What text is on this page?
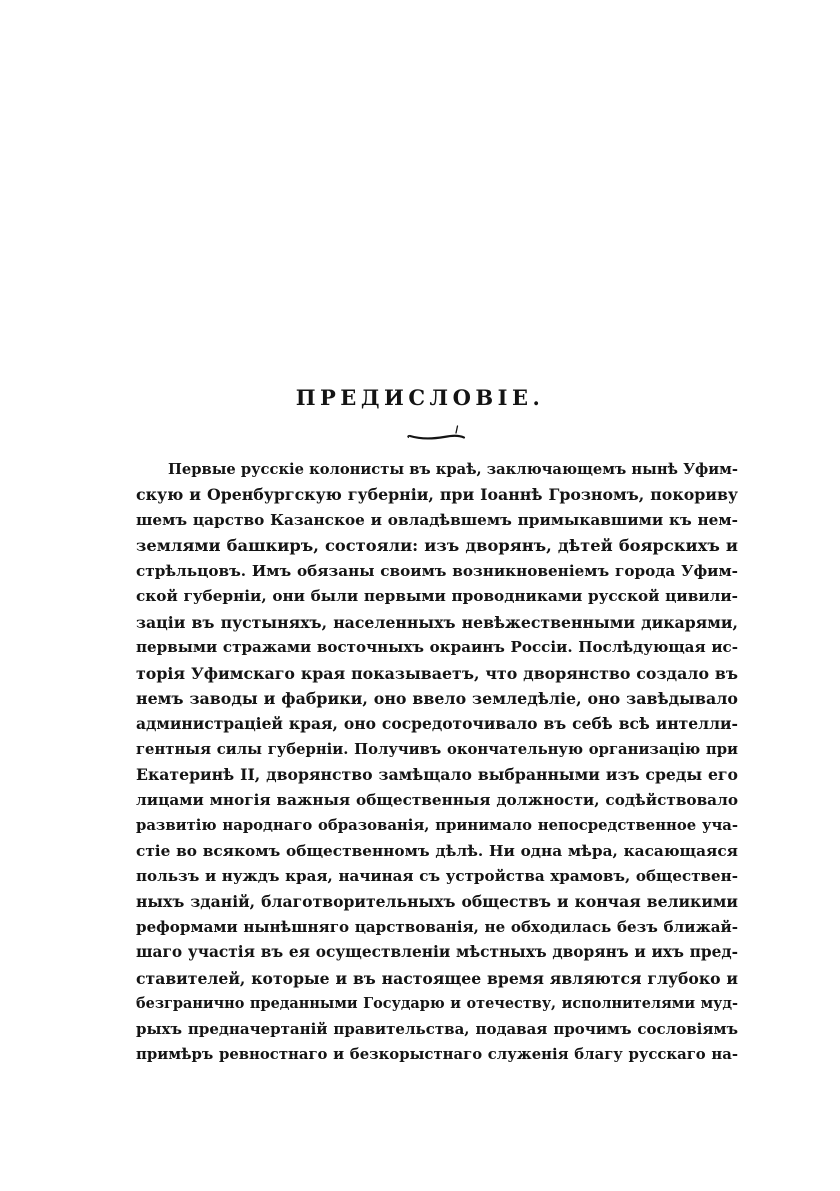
ПРЕДИСЛОВІЕ.
Первые русскіе колонисты въ краѣ, заключающемъ нынѣ Уфим-
скую и Оренбургскую губерніи, при Іоаннѣ Грозномъ, покориву
шемъ царство Казанское и овладѣвшемъ примыкавшими къ нем-
землями башкиръ, состояли: изъ дворянъ, дѣтей боярскихъ и
стрѣльцовъ. Имъ обязаны своимъ возникновеніемъ города Уфим-
ской губерніи, они были первыми проводниками русской цивили-
заціи въ пустыняхъ, населенныхъ невѣжественными дикарями,
первыми стражами восточныхъ окраинъ Россіи. Послѣдующая ис-
торія Уфимскаго края показываетъ, что дворянство создало въ
немъ заводы и фабрики, оно ввело земледѣліе, оно завѣдывало
администраціей края, оно сосредоточивало въ себѣ всѣ интелли-
гентныя силы губерніи. Получивъ окончательную организацію при
Екатеринѣ II, дворянство замѣщало выбранными изъ среды его
лицами многія важныя общественныя должности, содѣйствовало
развитію народнаго образованія, принимало непосредственное уча-
стіе во всякомъ общественномъ дѣлѣ. Ни одна мѣра, касающаяся
пользъ и нуждъ края, начиная съ устройства храмовъ, обществен-
ныхъ зданій, благотворительныхъ обществъ и кончая великими
реформами нынѣшняго царствованія, не обходилась безъ ближай-
шаго участія въ ея осуществленіи мѣстныхъ дворянъ и ихъ пред-
ставителей, которые и въ настоящее время являются глубоко и
безгранично преданными Государю и отечеству, исполнителями муд-
рыхъ предначертаній правительства, подавая прочимъ сословіямъ
примѣръ ревностнаго и безкорыстнаго служенія благу русскаго на-
